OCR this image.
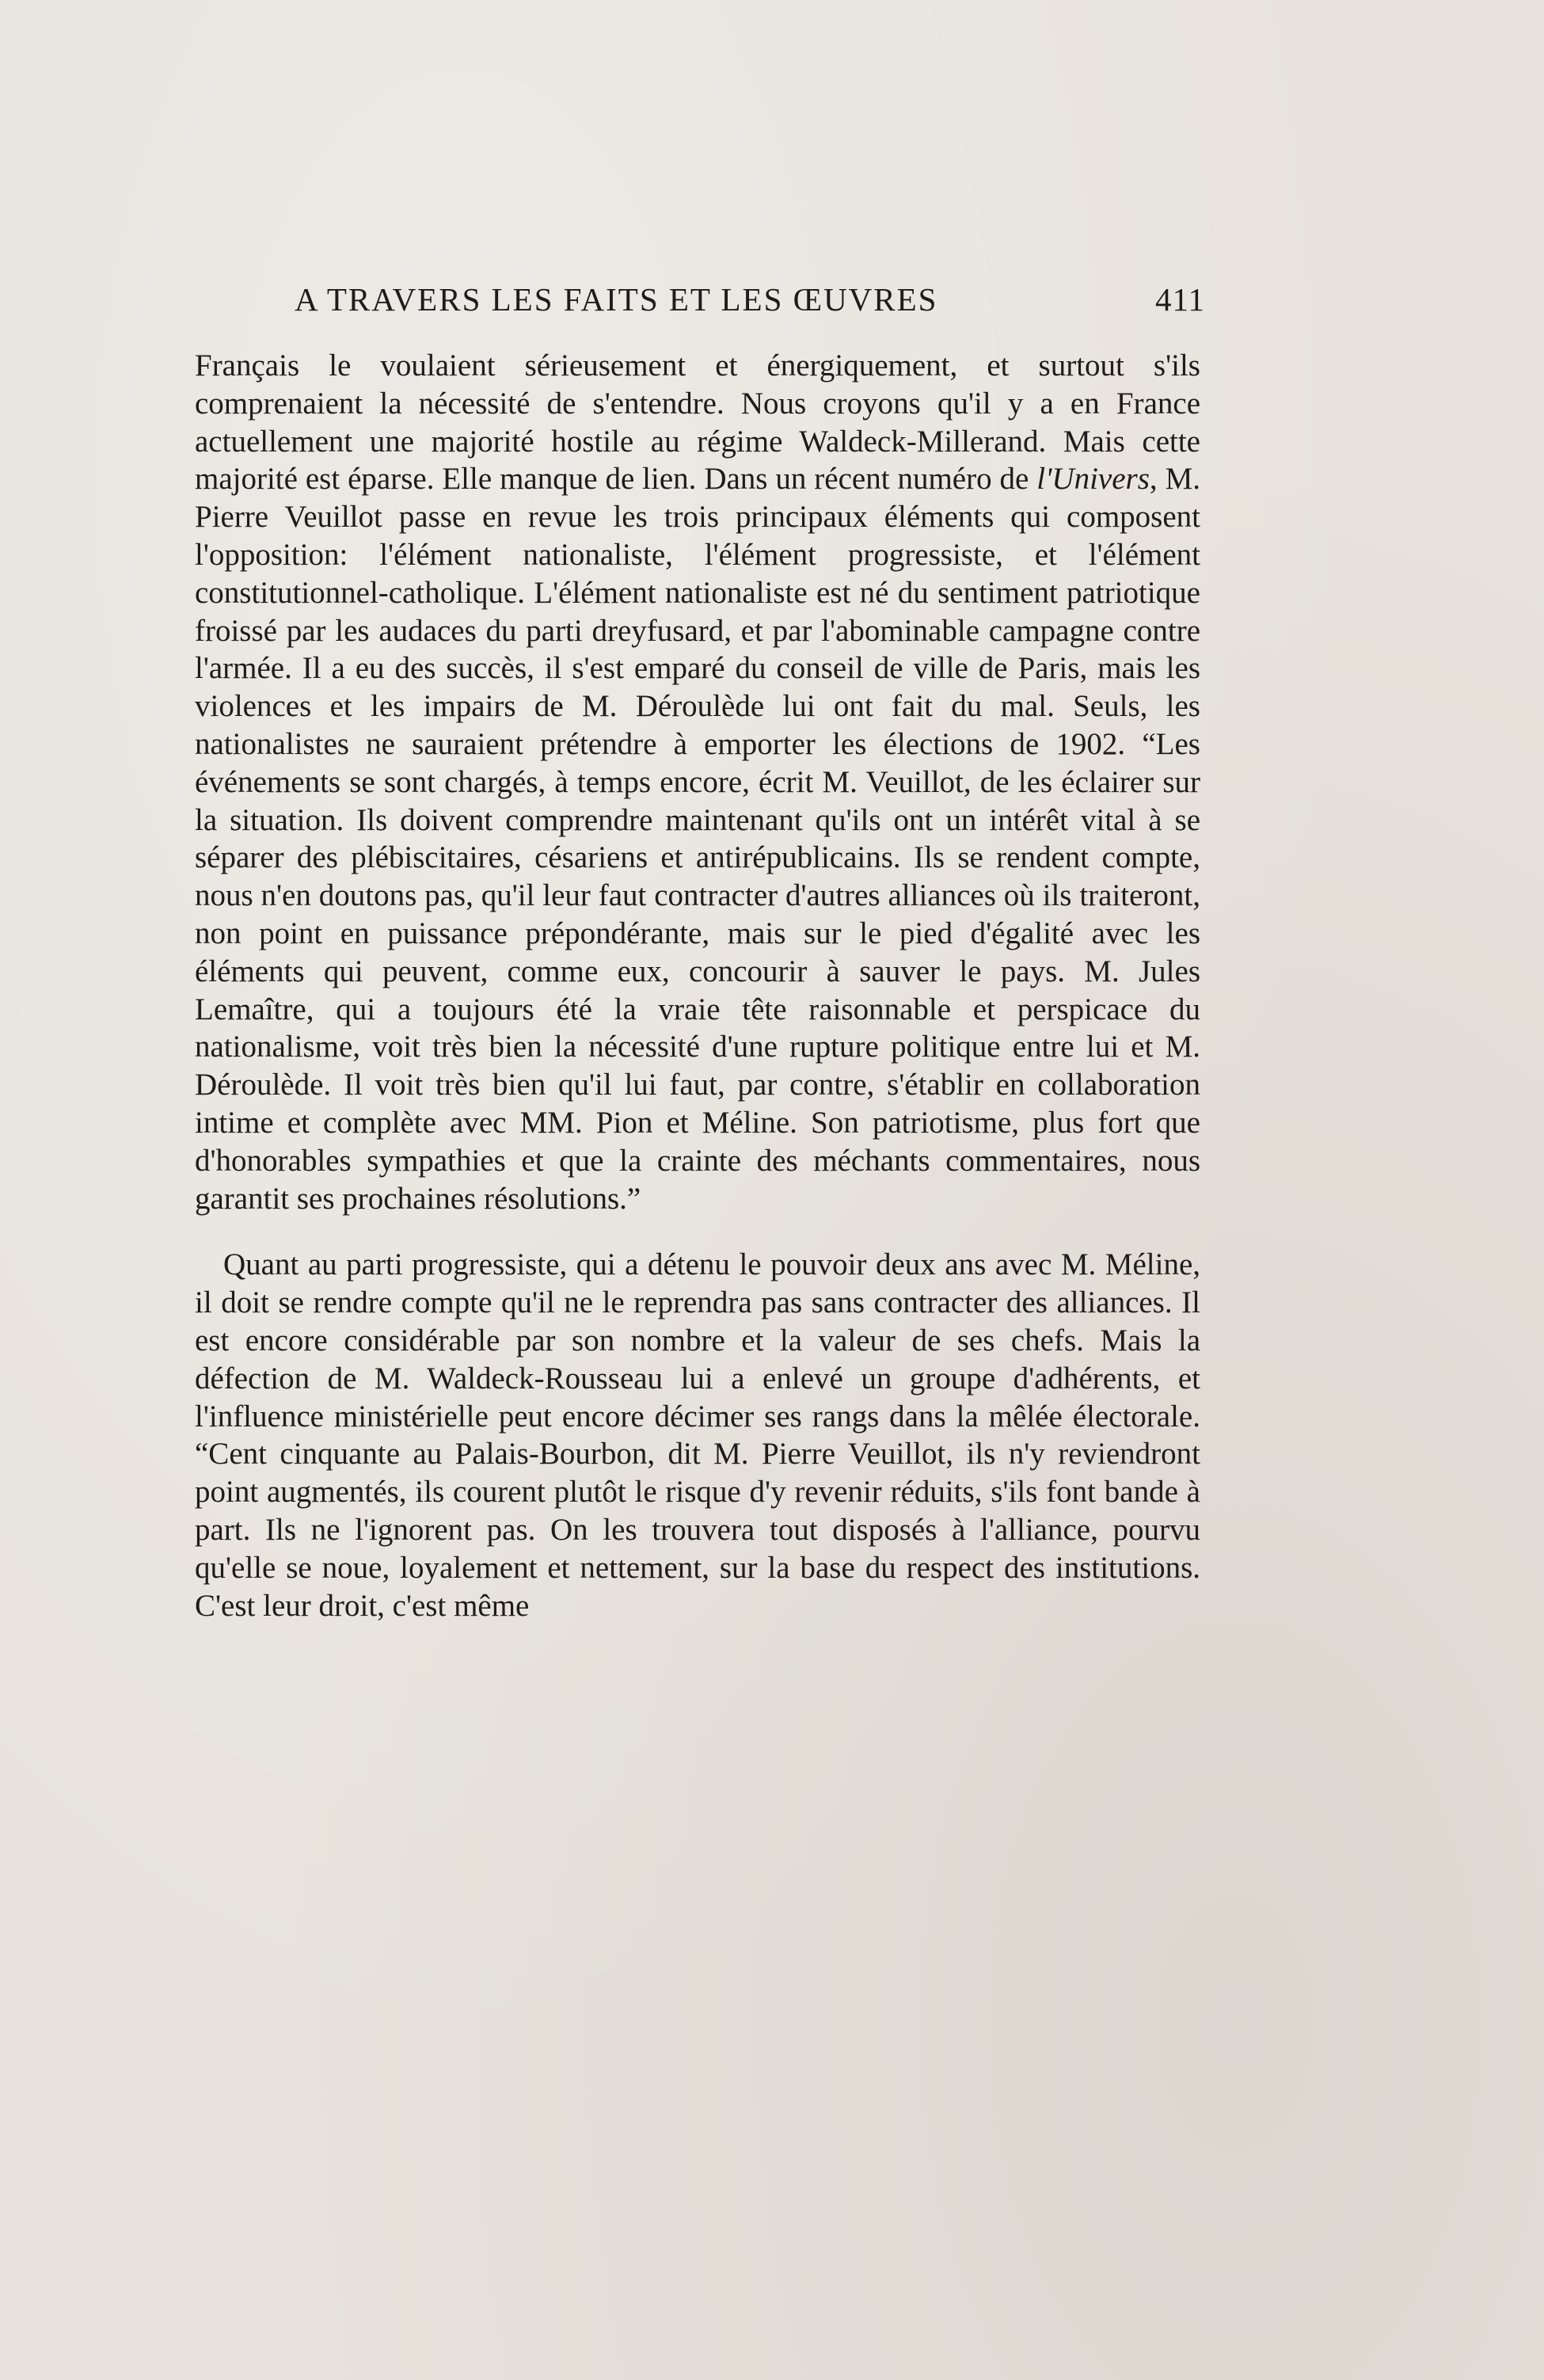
A TRAVERS LES FAITS ET LES ŒUVRES	411

Français le voulaient sérieusement et énergiquement, et surtout s'ils comprenaient la nécessité de s'entendre. Nous croyons qu'il y a en France actuellement une majorité hostile au régime Waldeck-Millerand. Mais cette majorité est éparse. Elle manque de lien. Dans un récent numéro de l'Univers, M. Pierre Veuillot passe en revue les trois principaux éléments qui composent l'opposition: l'élément nationaliste, l'élément progressiste, et l'élément constitutionnel-catholique. L'élément nationaliste est né du sentiment patriotique froissé par les audaces du parti dreyfusard, et par l'abominable campagne contre l'armée. Il a eu des succès, il s'est emparé du conseil de ville de Paris, mais les violences et les impairs de M. Déroulède lui ont fait du mal. Seuls, les nationalistes ne sauraient prétendre à emporter les élections de 1902. “Les événements se sont chargés, à temps encore, écrit M. Veuillot, de les éclairer sur la situation. Ils doivent comprendre maintenant qu'ils ont un intérêt vital à se séparer des plébiscitaires, césariens et antirépublicains. Ils se rendent compte, nous n'en doutons pas, qu'il leur faut contracter d'autres alliances où ils traiteront, non point en puissance prépondérante, mais sur le pied d'égalité avec les éléments qui peuvent, comme eux, concourir à sauver le pays. M. Jules Lemaître, qui a toujours été la vraie tête raisonnable et perspicace du nationalisme, voit très bien la nécessité d'une rupture politique entre lui et M. Déroulède. Il voit très bien qu'il lui faut, par contre, s'établir en collaboration intime et complète avec MM. Pion et Méline. Son patriotisme, plus fort que d'honorables sympathies et que la crainte des méchants commentaires, nous garantit ses prochaines résolutions.”

Quant au parti progressiste, qui a détenu le pouvoir deux ans avec M. Méline, il doit se rendre compte qu'il ne le reprendra pas sans contracter des alliances. Il est encore considérable par son nombre et la valeur de ses chefs. Mais la défection de M. Waldeck-Rousseau lui a enlevé un groupe d'adhérents, et l'influence ministérielle peut encore décimer ses rangs dans la mêlée électorale. “Cent cinquante au Palais-Bourbon, dit M. Pierre Veuillot, ils n'y reviendront point augmentés, ils courent plutôt le risque d'y revenir réduits, s'ils font bande à part. Ils ne l'ignorent pas. On les trouvera tout disposés à l'alliance, pourvu qu'elle se noue, loyalement et nettement, sur la base du respect des institutions. C'est leur droit, c'est même
